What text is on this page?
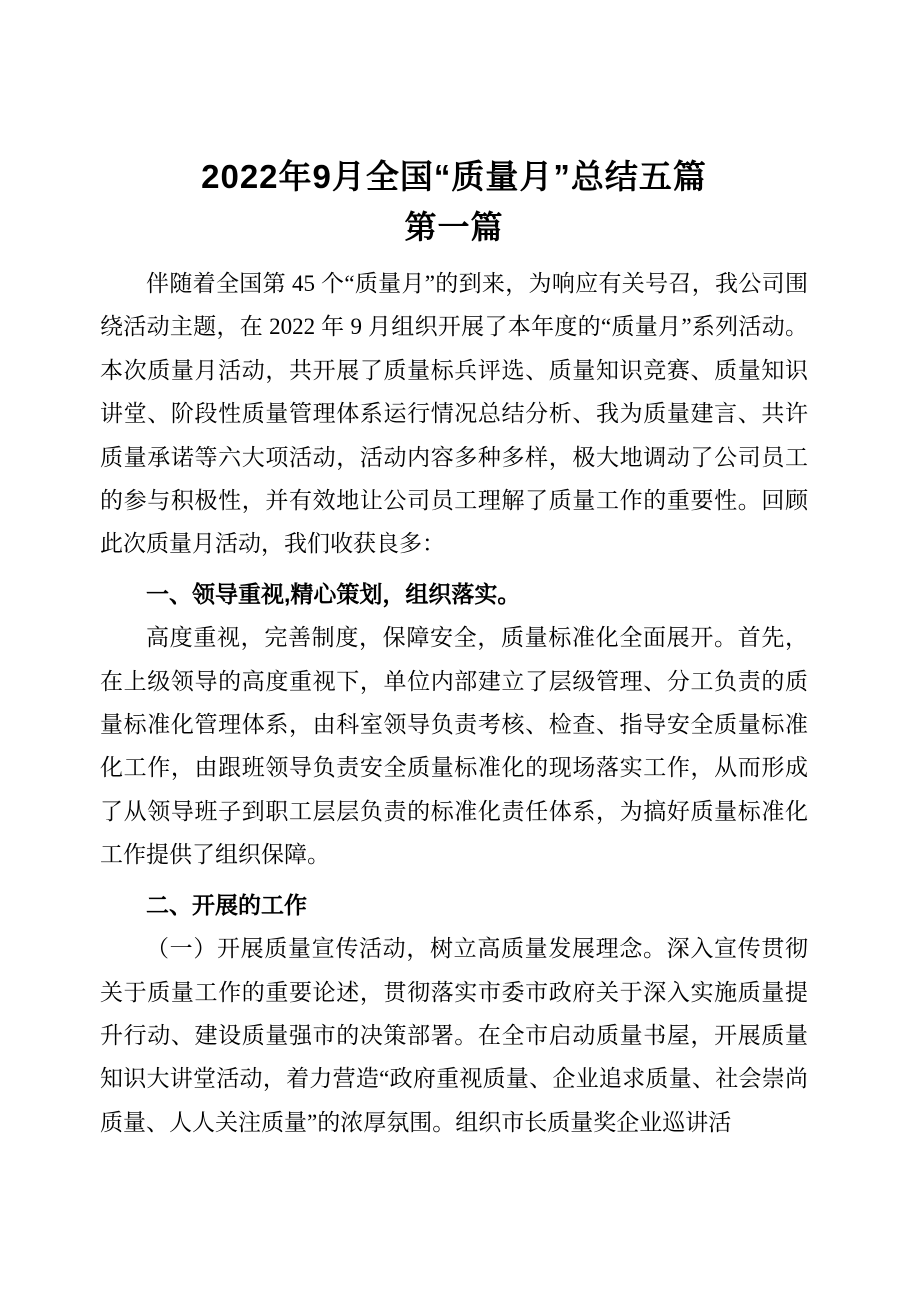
2022年9月全国“质量月”总结五篇
第一篇

伴随着全国第 45 个“质量月”的到来，为响应有关号召，我公司围绕活动主题，在 2022 年 9 月组织开展了本年度的“质量月”系列活动。本次质量月活动，共开展了质量标兵评选、质量知识竞赛、质量知识讲堂、阶段性质量管理体系运行情况总结分析、我为质量建言、共许质量承诺等六大项活动，活动内容多种多样，极大地调动了公司员工的参与积极性，并有效地让公司员工理解了质量工作的重要性。回顾此次质量月活动，我们收获良多：

一、领导重视,精心策划，组织落实。

高度重视，完善制度，保障安全，质量标准化全面展开。首先，在上级领导的高度重视下，单位内部建立了层级管理、分工负责的质量标准化管理体系，由科室领导负责考核、检查、指导安全质量标准化工作，由跟班领导负责安全质量标准化的现场落实工作，从而形成了从领导班子到职工层层负责的标准化责任体系，为搞好质量标准化工作提供了组织保障。

二、开展的工作

（一）开展质量宣传活动，树立高质量发展理念。深入宣传贯彻关于质量工作的重要论述，贯彻落实市委市政府关于深入实施质量提升行动、建设质量强市的决策部署。在全市启动质量书屋，开展质量知识大讲堂活动，着力营造“政府重视质量、企业追求质量、社会崇尚质量、人人关注质量”的浓厚氛围。组织市长质量奖企业巡讲活
